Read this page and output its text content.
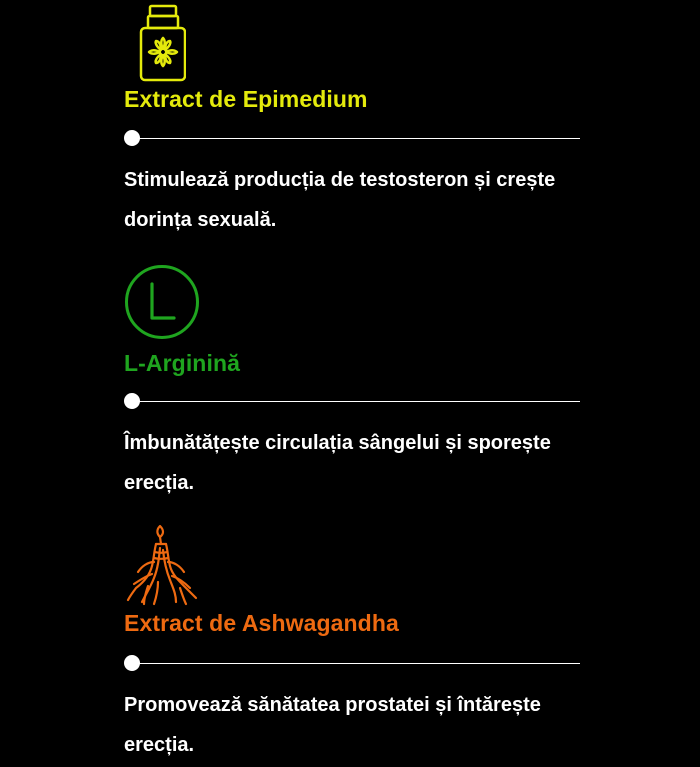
Extract de Epimedium

Stimulează producția de testosteron și crește dorința sexuală.

L-Arginină

Îmbunătățește circulația sângelui și sporește erecția.

Extract de Ashwagandha

Promovează sănătatea prostatei și întărește erecția.
